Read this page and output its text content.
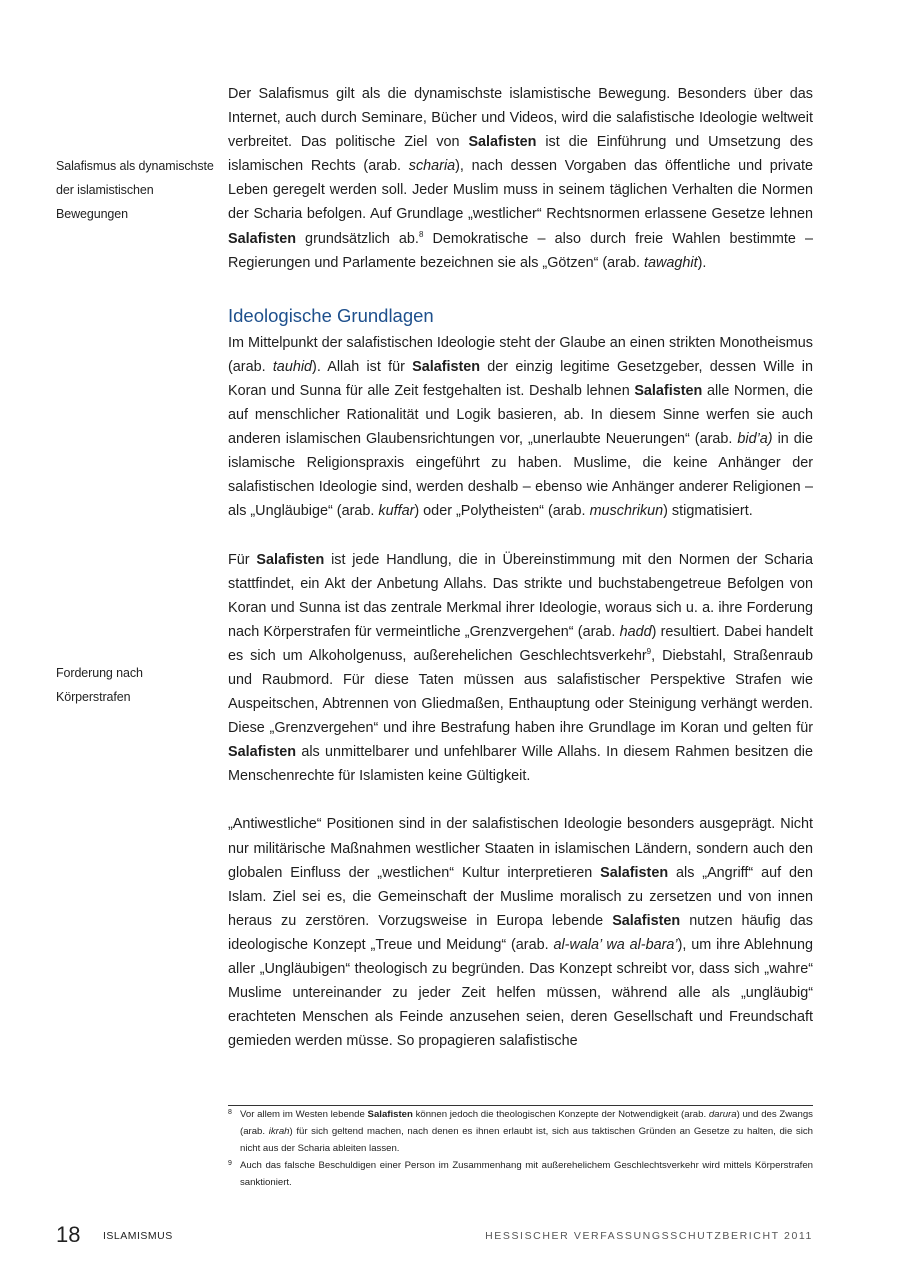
Salafismus als dynamischste
der islamistischen Bewegungen
Forderung nach
Körperstrafen

Der Salafismus gilt als die dynamischste islamistische Bewegung. Besonders über das Internet, auch durch Seminare, Bücher und Videos, wird die salafistische Ideologie weltweit verbreitet. Das politische Ziel von Salafisten ist die Einführung und Umsetzung des islamischen Rechts (arab. scharia), nach dessen Vorgaben das öffentliche und private Leben geregelt werden soll. Jeder Muslim muss in seinem täglichen Verhalten die Normen der Scharia befolgen. Auf Grundlage „westlicher“ Rechtsnormen erlassene Gesetze lehnen Salafisten grundsätzlich ab.$^8$ Demokratische – also durch freie Wahlen bestimmte – Regierungen und Parlamente bezeichnen sie als „Götzen“ (arab. tawaghit).

Ideologische Grundlagen

Im Mittelpunkt der salafistischen Ideologie steht der Glaube an einen strikten Monotheismus (arab. tauhid). Allah ist für Salafisten der einzig legitime Gesetzgeber, dessen Wille in Koran und Sunna für alle Zeit festgehalten ist. Deshalb lehnen Salafisten alle Normen, die auf menschlicher Rationalität und Logik basieren, ab. In diesem Sinne werfen sie auch anderen islamischen Glaubensrichtungen vor, „unerlaubte Neuerungen“ (arab. bid’a) in die islamische Religionspraxis eingeführt zu haben. Muslime, die keine Anhänger der salafistischen Ideologie sind, werden deshalb – ebenso wie Anhänger anderer Religionen – als „Ungläubige“ (arab. kuffar) oder „Polytheisten“ (arab. muschrikun) stigmatisiert.

Für Salafisten ist jede Handlung, die in Übereinstimmung mit den Normen der Scharia stattfindet, ein Akt der Anbetung Allahs. Das strikte und buchstabengetreue Befolgen von Koran und Sunna ist das zentrale Merkmal ihrer Ideologie, woraus sich u. a. ihre Forderung nach Körperstrafen für vermeintliche „Grenzvergehen“ (arab. hadd) resultiert. Dabei handelt es sich um Alkoholgenuss, außerehelichen Geschlechtsverkehr$^9$, Diebstahl, Straßenraub und Raubmord. Für diese Taten müssen aus salafistischer Perspektive Strafen wie Auspeitschen, Abtrennen von Gliedmaßen, Enthauptung oder Steinigung verhängt werden. Diese „Grenzvergehen“ und ihre Bestrafung haben ihre Grundlage im Koran und gelten für Salafisten als unmittelbarer und unfehlbarer Wille Allahs. In diesem Rahmen besitzen die Menschenrechte für Islamisten keine Gültigkeit.

„Antiwestliche“ Positionen sind in der salafistischen Ideologie besonders ausgeprägt. Nicht nur militärische Maßnahmen westlicher Staaten in islamischen Ländern, sondern auch den globalen Einfluss der „westlichen“ Kultur interpretieren Salafisten als „Angriff“ auf den Islam. Ziel sei es, die Gemeinschaft der Muslime moralisch zu zersetzen und von innen heraus zu zerstören. Vorzugsweise in Europa lebende Salafisten nutzen häufig das ideologische Konzept „Treue und Meidung“ (arab. al-wala’ wa al-bara’), um ihre Ablehnung aller „Ungläubigen“ theologisch zu begründen. Das Konzept schreibt vor, dass sich „wahre“ Muslime untereinander zu jeder Zeit helfen müssen, während alle als „ungläubig“ erachteten Menschen als Feinde anzusehen seien, deren Gesellschaft und Freundschaft gemieden werden müsse. So propagieren salafistische

8 Vor allem im Westen lebende Salafisten können jedoch die theologischen Konzepte der Notwendigkeit (arab. darura) und des Zwangs (arab. ikrah) für sich geltend machen, nach denen es ihnen erlaubt ist, sich aus taktischen Gründen an Gesetze zu halten, die sich nicht aus der Scharia ableiten lassen.
9 Auch das falsche Beschuldigen einer Person im Zusammenhang mit außerehelichem Geschlechtsverkehr wird mittels Körperstrafen sanktioniert.
18 ISLAMISMUS	HESSISCHER VERFASSUNGSSCHUTZBERICHT 2011
